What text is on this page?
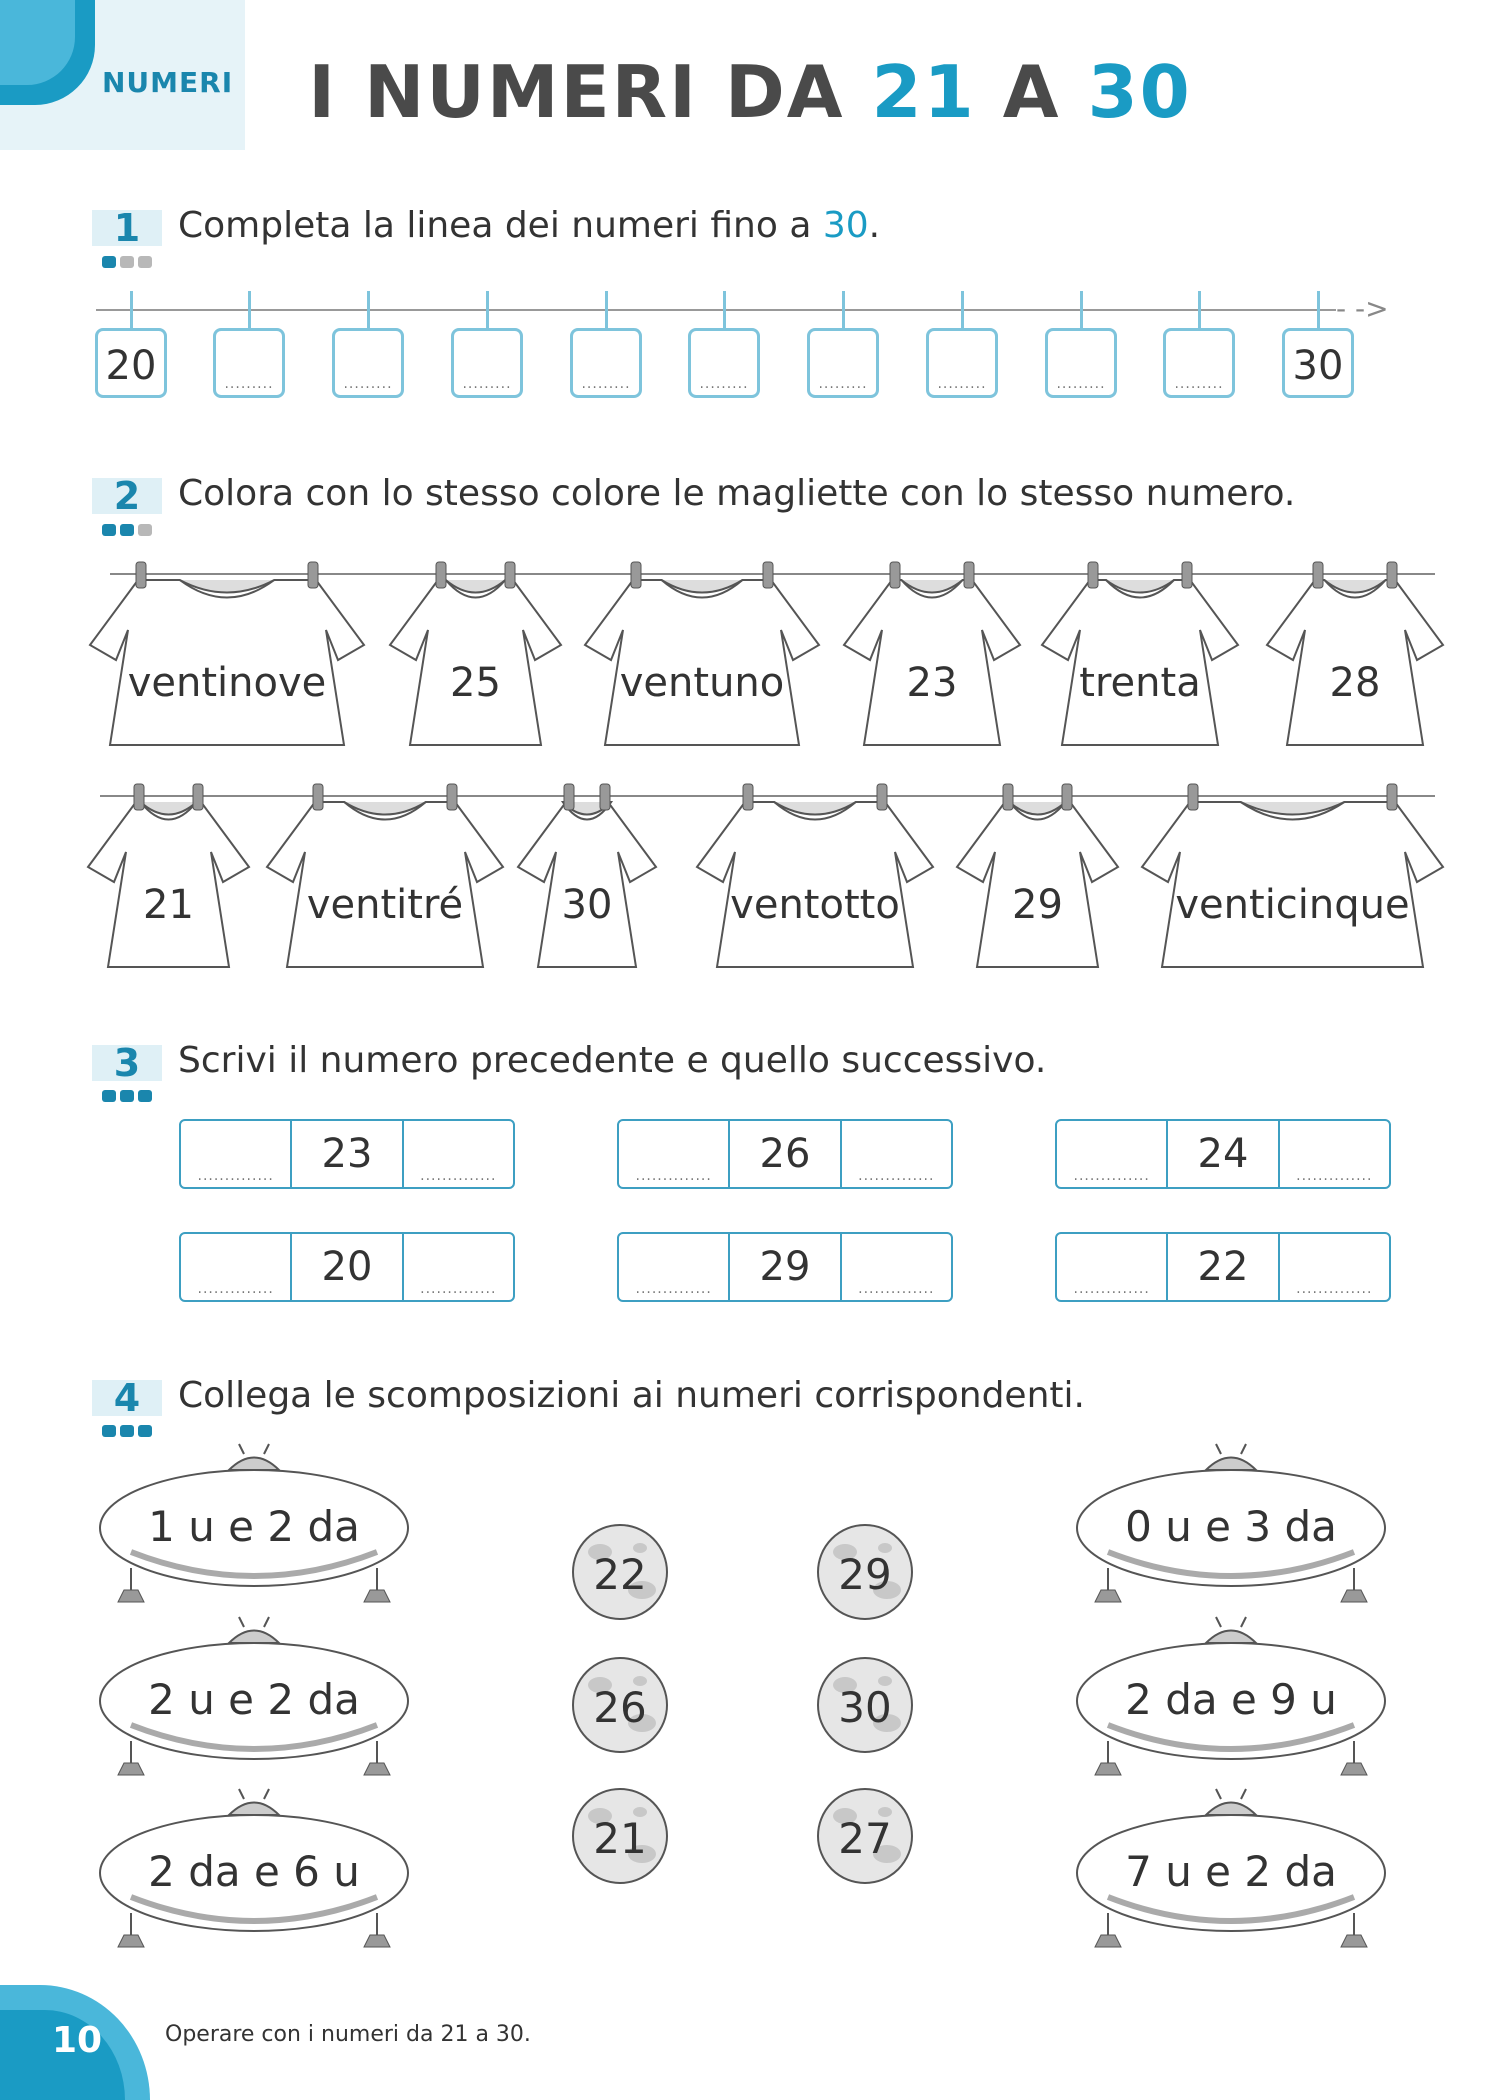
NUMERI	I NUMERI DA 21 A 30
1	Completa la linea dei numeri fino a 30.
- ->
20	.........	.........	.........	.........	.........	.........	.........	.........	......... 30
2	Colora con lo stesso colore le magliette con lo stesso numero.
ventinove	25	ventuno	23	trenta	28
21	ventitré	30	ventotto	29	venticinque
3	Scrivi il numero precedente e quello successivo.
..............	23	..............	..............	26	..............	..............	24	..............
..............	20	..............	..............	29	..............	..............	22	..............
4	Collega le scomposizioni ai numeri corrispondenti.
1 u e 2 da
2 u e 2 da
2 da e 6 u
0 u e 3 da
2 da e 9 u
7 u e 2 da
22
26
21
29
30
27
10	Operare con i numeri da 21 a 30.
